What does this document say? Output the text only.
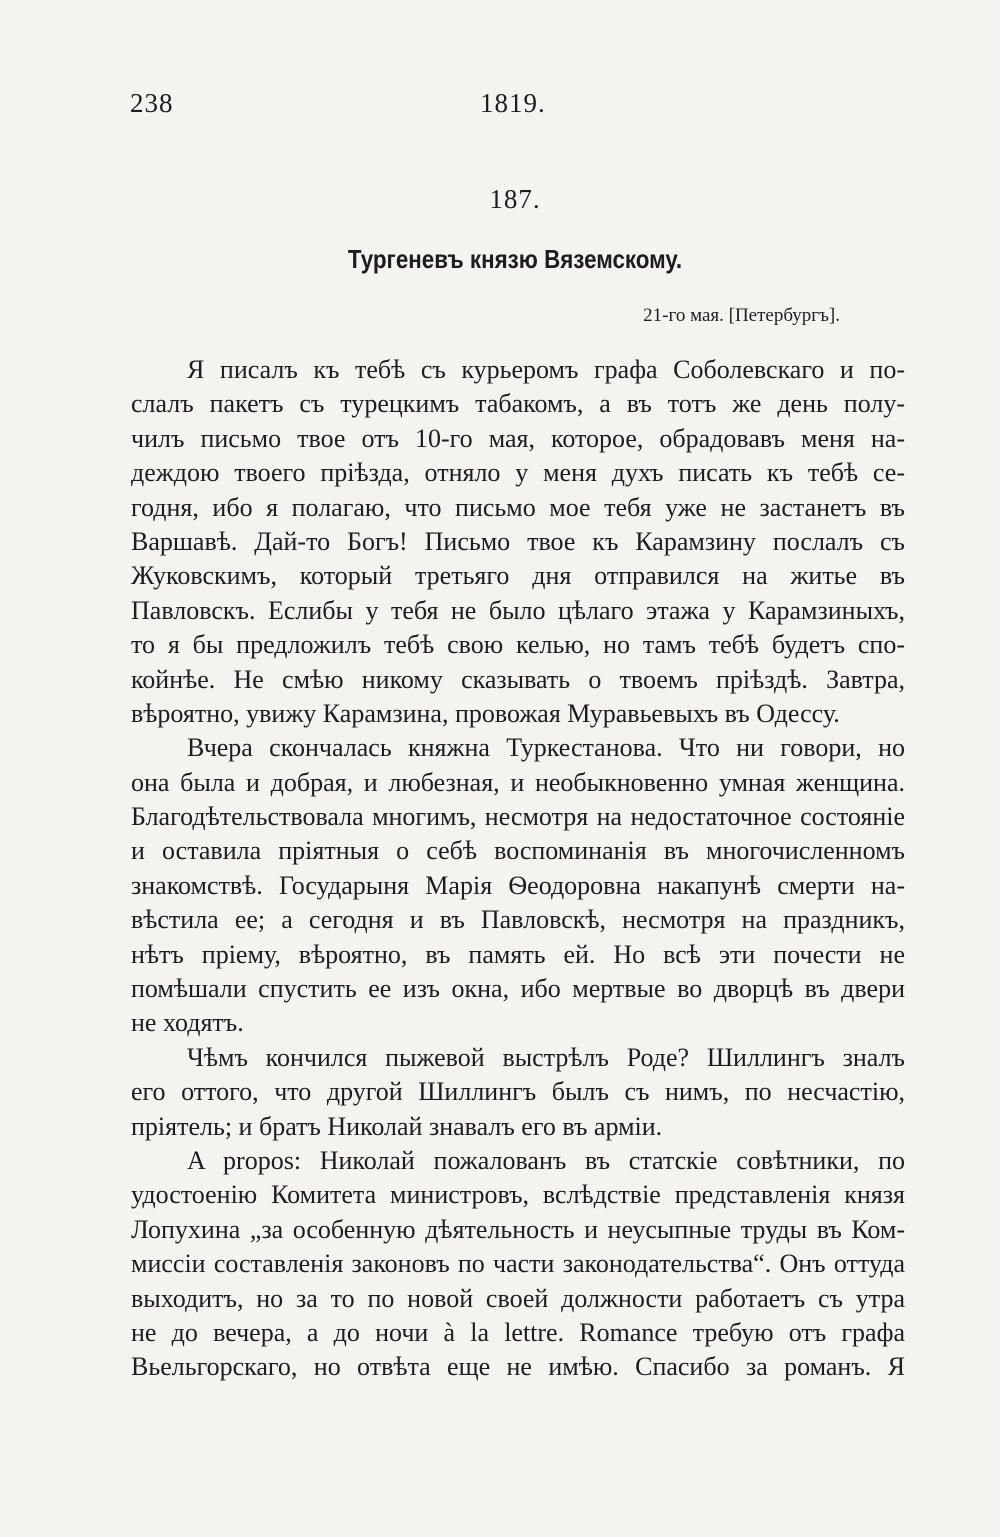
238	1819.
187.
Тургеневъ князю Вяземскому.
21-го мая. [Петербургъ].
Я писалъ къ тебѣ съ курьеромъ графа Соболевскаго и по-
слалъ пакетъ съ турецкимъ табакомъ, а въ тотъ же день полу-
чилъ письмо твое отъ 10-го мая, которое, обрадовавъ меня на-
деждою твоего пріѣзда, отняло у меня духъ писать къ тебѣ се-
годня, ибо я полагаю, что письмо мое тебя уже не застанетъ въ
Варшавѣ. Дай-то Богъ! Письмо твое къ Карамзину послалъ съ
Жуковскимъ, который третьяго дня отправился на житье въ
Павловскъ. Еслибы у тебя не было цѣлаго этажа у Карамзиныхъ,
то я бы предложилъ тебѣ свою келью, но тамъ тебѣ будетъ спо-
койнѣе. Не смѣю никому сказывать о твоемъ пріѣздѣ. Завтра,
вѣроятно, увижу Карамзина, провожая Муравьевыхъ въ Одессу.
Вчера скончалась княжна Туркестанова. Что ни говори, но
она была и добрая, и любезная, и необыкновенно умная женщина.
Благодѣтельствовала многимъ, несмотря на недостаточное состояніе
и оставила пріятныя о себѣ воспоминанія въ многочисленномъ
знакомствѣ. Государыня Марія Ѳеодоровна накапунѣ смерти на-
вѣстила ее; а сегодня и въ Павловскѣ, несмотря на праздникъ,
нѣтъ пріему, вѣроятно, въ память ей. Но всѣ эти почести не
помѣшали спустить ее изъ окна, ибо мертвые во дворцѣ въ двери
не ходятъ.
Чѣмъ кончился пыжевой выстрѣлъ Роде? Шиллингъ зналъ
его оттого, что другой Шиллингъ былъ съ нимъ, по несчастію,
пріятель; и братъ Николай знавалъ его въ арміи.
A propos: Николай пожалованъ въ статскіе совѣтники, по
удостоенію Комитета министровъ, вслѣдствіе представленія князя
Лопухина „за особенную дѣятельность и неусыпные труды въ Ком-
миссіи составленія законовъ по части законодательства“. Онъ оттуда
выходитъ, но за то по новой своей должности работаетъ съ утра
не до вечера, а до ночи à la lettre. Romance требую отъ графа
Вьельгорскаго, но отвѣта еще не имѣю. Спасибо за романъ. Я
